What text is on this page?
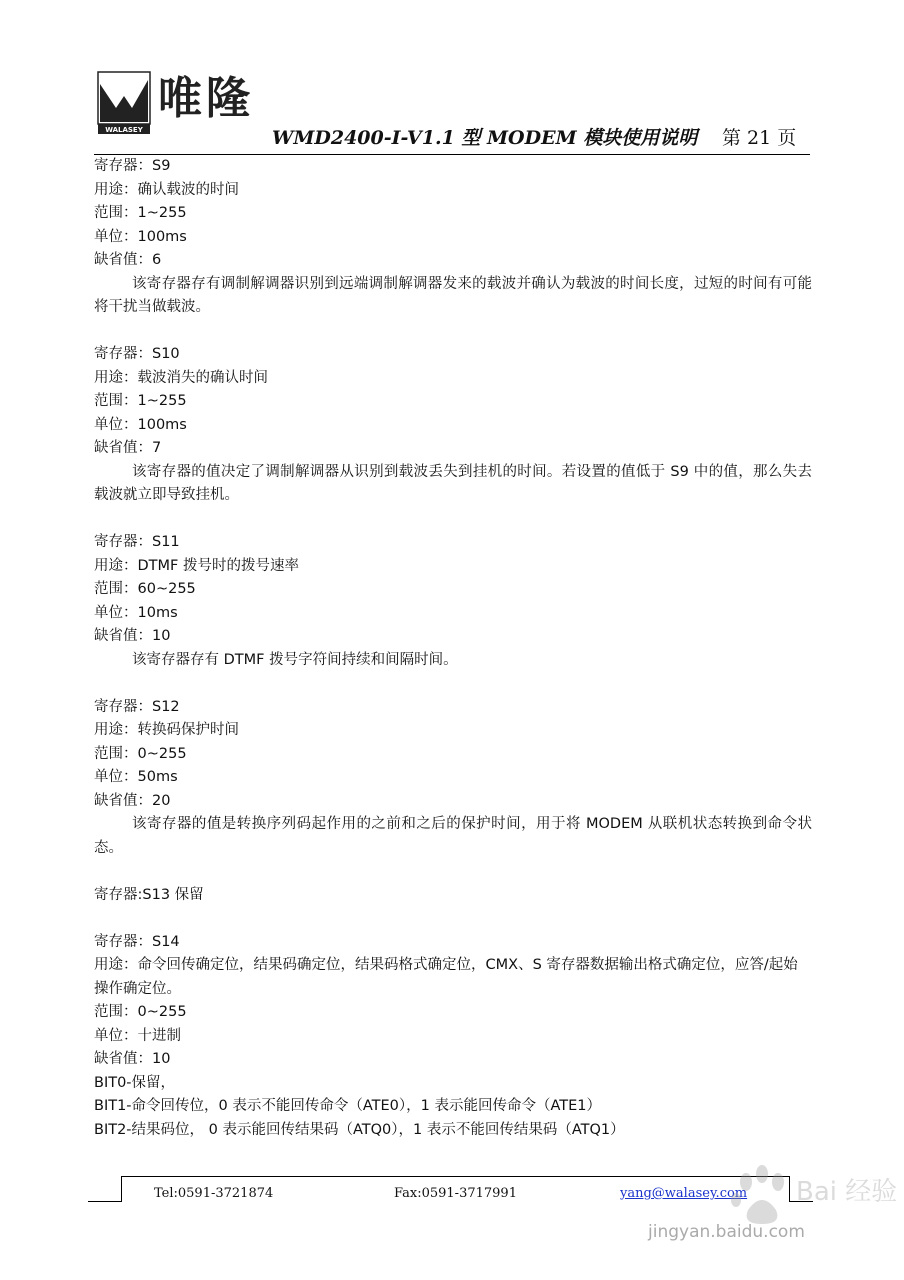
WALASEY
唯隆
WMD2400-I-V1.1 型 MODEM 模块使用说明 第 21 页
寄存器：S9
用途：确认载波的时间
范围：1~255
单位：100ms
缺省值：6
该寄存器存有调制解调器识别到远端调制解调器发来的载波并确认为载波的时间长度，过短的时间有可能将干扰当做载波。
寄存器：S10
用途：载波消失的确认时间
范围：1~255
单位：100ms
缺省值：7
该寄存器的值决定了调制解调器从识别到载波丢失到挂机的时间。若设置的值低于 S9 中的值，那么失去载波就立即导致挂机。
寄存器：S11
用途：DTMF 拨号时的拨号速率
范围：60~255
单位：10ms
缺省值：10
该寄存器存有 DTMF 拨号字符间持续和间隔时间。
寄存器：S12
用途：转换码保护时间
范围：0~255
单位：50ms
缺省值：20
该寄存器的值是转换序列码起作用的之前和之后的保护时间，用于将 MODEM 从联机状态转换到命令状态。
寄存器:S13 保留
寄存器：S14
用途：命令回传确定位，结果码确定位，结果码格式确定位，CMX、S 寄存器数据输出格式确定位，应答/起始操作确定位。
范围：0~255
单位：十进制
缺省值：10
BIT0-保留，
BIT1-命令回传位，0 表示不能回传命令（ATE0），1 表示能回传命令（ATE1）
BIT2-结果码位， 0 表示能回传结果码（ATQ0），1 表示不能回传结果码（ATQ1）
Tel:0591-3721874	Fax:0591-3717991	yang@walasey.com Bai 经验
jingyan.baidu.com
